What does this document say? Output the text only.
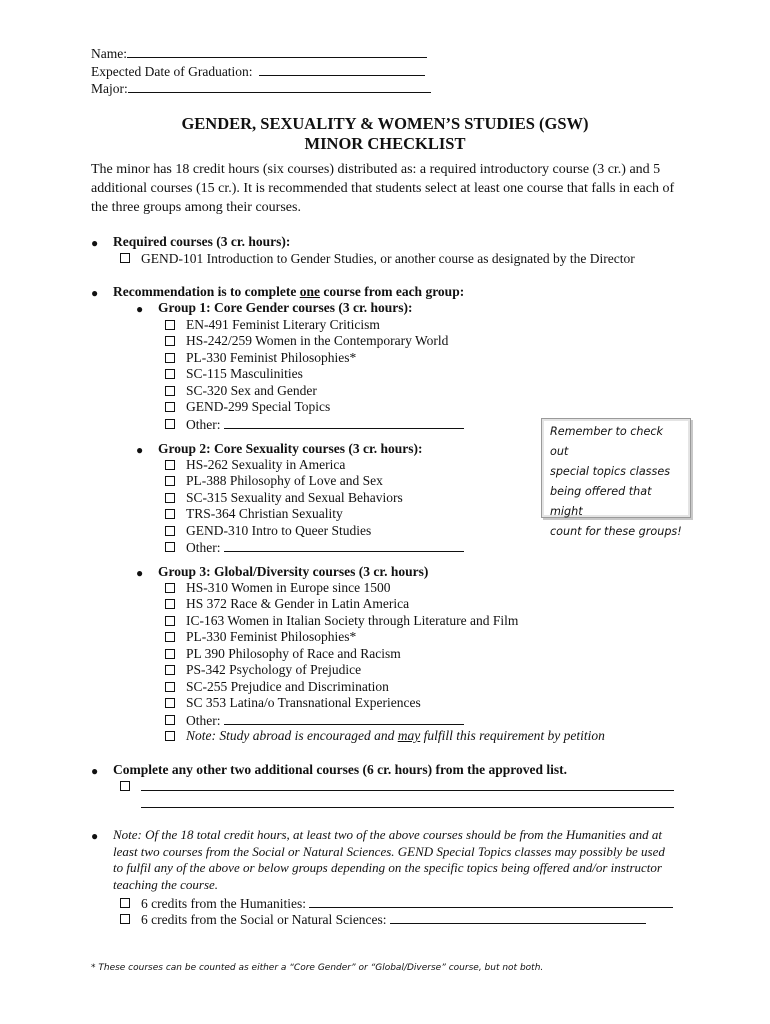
Name:
Expected Date of Graduation:
Major:
GENDER, SEXUALITY & WOMEN’S STUDIES (GSW)
MINOR CHECKLIST
The minor has 18 credit hours (six courses) distributed as: a required introductory course (3 cr.) and 5 additional courses (15 cr.). It is recommended that students select at least one course that falls in each of the three groups among their courses.
● Required courses (3 cr. hours):
GEND-101 Introduction to Gender Studies, or another course as designated by the Director
● Recommendation is to complete one course from each group:
● Group 1: Core Gender courses (3 cr. hours):
EN-491 Feminist Literary Criticism
HS-242/259 Women in the Contemporary World
PL-330 Feminist Philosophies*
SC-115 Masculinities
SC-320 Sex and Gender
GEND-299 Special Topics
Other:	Remember to check out
special topics classes
being offered that might
count for these groups!
● Group 2: Core Sexuality courses (3 cr. hours):
HS-262 Sexuality in America
PL-388 Philosophy of Love and Sex
SC-315 Sexuality and Sexual Behaviors
TRS-364 Christian Sexuality
GEND-310 Intro to Queer Studies
Other:
● Group 3: Global/Diversity courses (3 cr. hours)
HS-310 Women in Europe since 1500
HS 372 Race & Gender in Latin America
IC-163 Women in Italian Society through Literature and Film
PL-330 Feminist Philosophies*
PL 390 Philosophy of Race and Racism
PS-342 Psychology of Prejudice
SC-255 Prejudice and Discrimination
SC 353 Latina/o Transnational Experiences
Other:
Note: Study abroad is encouraged and may fulfill this requirement by petition
● Complete any other two additional courses (6 cr. hours) from the approved list.
● Note: Of the 18 total credit hours, at least two of the above courses should be from the Humanities and at least two courses from the Social or Natural Sciences. GEND Special Topics classes may possibly be used to fulfil any of the above or below groups depending on the specific topics being offered and/or instructor teaching the course.
6 credits from the Humanities:
6 credits from the Social or Natural Sciences:
* These courses can be counted as either a “Core Gender” or “Global/Diverse” course, but not both.
